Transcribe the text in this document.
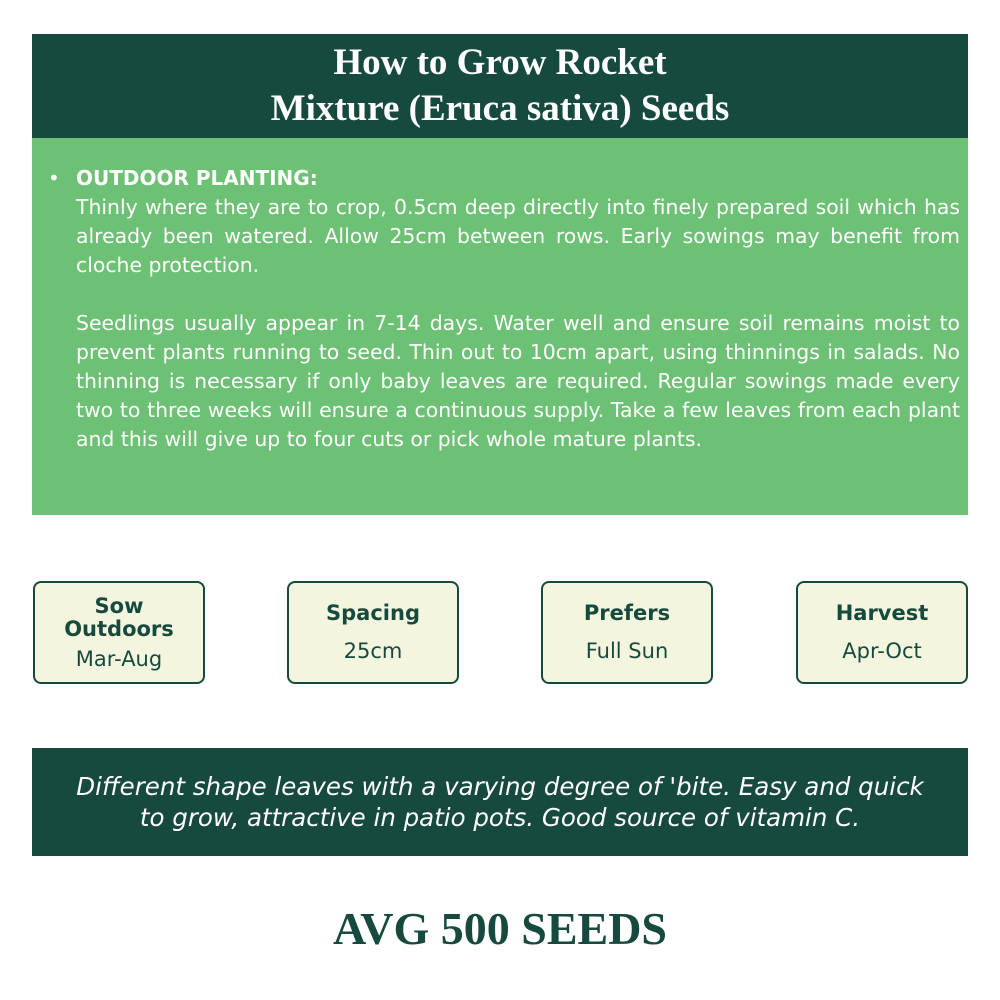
How to Grow Rocket
Mixture (Eruca sativa) Seeds
• OUTDOOR PLANTING:

Thinly where they are to crop, 0.5cm deep directly into finely prepared soil which has already been watered. Allow 25cm between rows. Early sowings may benefit from cloche protection.

Seedlings usually appear in 7-14 days. Water well and ensure soil remains moist to prevent plants running to seed. Thin out to 10cm apart, using thinnings in salads. No thinning is necessary if only baby leaves are required. Regular sowings made every two to three weeks will ensure a continuous supply. Take a few leaves from each plant and this will give up to four cuts or pick whole mature plants.

Sow
Outdoors
Mar-Aug
Spacing
25cm
Prefers
Full Sun
Harvest
Apr-Oct
Different shape leaves with a varying degree of 'bite. Easy and quick
to grow, attractive in patio pots. Good source of vitamin C.
AVG 500 SEEDS
